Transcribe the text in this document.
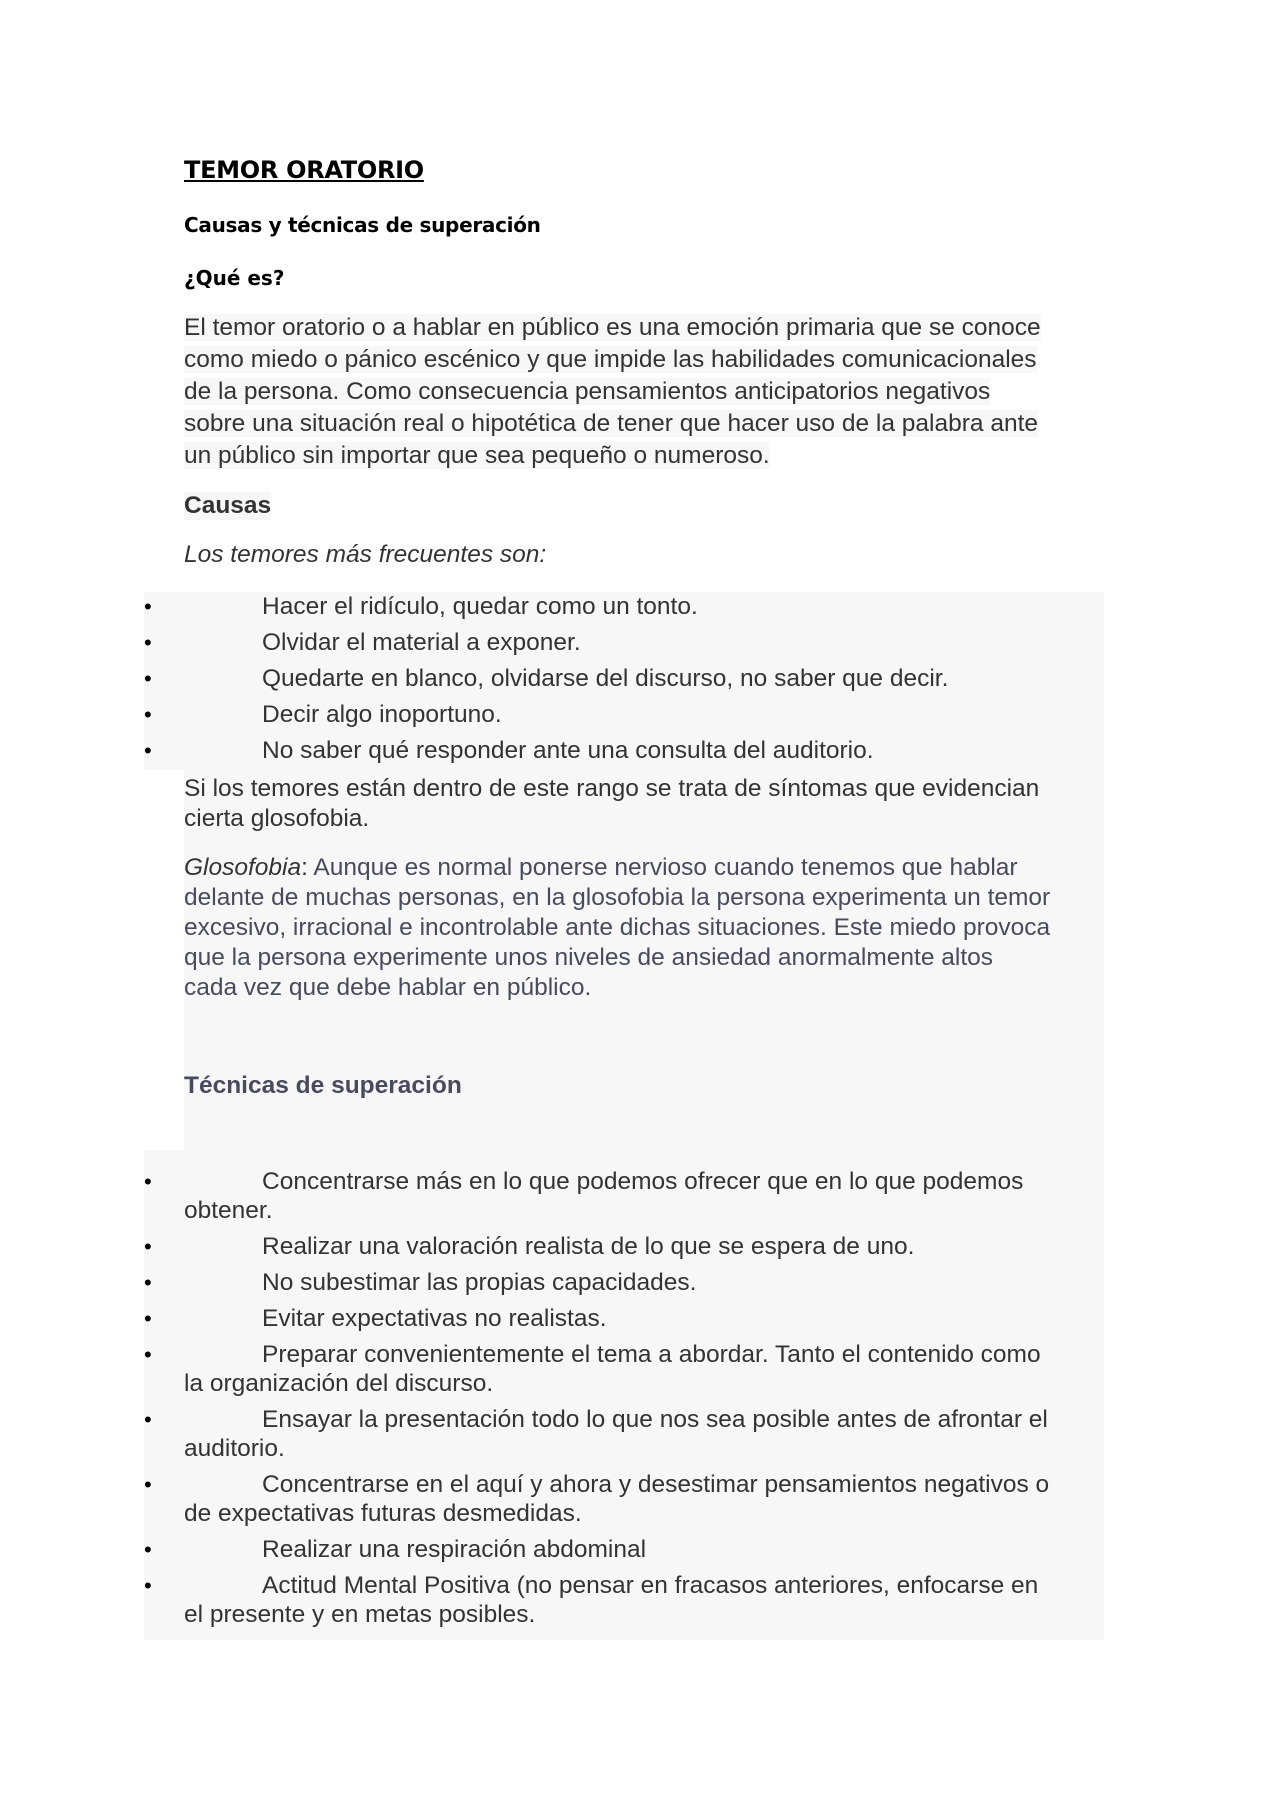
TEMOR ORATORIO
Causas y técnicas de superación
¿Qué es?

El temor oratorio o a hablar en público es una emoción primaria que se conoce
como miedo o pánico escénico y que impide las habilidades comunicacionales
de la persona. Como consecuencia pensamientos anticipatorios negativos
sobre una situación real o hipotética de tener que hacer uso de la palabra ante
un público sin importar que sea pequeño o numeroso.

Causas
Los temores más frecuentes son:
•	Hacer el ridículo, quedar como un tonto.
•	Olvidar el material a exponer.
•	Quedarte en blanco, olvidarse del discurso, no saber que decir.
•	Decir algo inoportuno.
•	No saber qué responder ante una consulta del auditorio.

Si los temores están dentro de este rango se trata de síntomas que evidencian
cierta glosofobia.

Glosofobia: Aunque es normal ponerse nervioso cuando tenemos que hablar
delante de muchas personas, en la glosofobia la persona experimenta un temor
excesivo, irracional e incontrolable ante dichas situaciones. Este miedo provoca
que la persona experimente unos niveles de ansiedad anormalmente altos
cada vez que debe hablar en público.

Técnicas de superación
•	Concentrarse más en lo que podemos ofrecer que en lo que podemos
obtener.
•	Realizar una valoración realista de lo que se espera de uno.
•	No subestimar las propias capacidades.
•	Evitar expectativas no realistas.
•	Preparar convenientemente el tema a abordar. Tanto el contenido como
la organización del discurso.
•	Ensayar la presentación todo lo que nos sea posible antes de afrontar el
auditorio.
•	Concentrarse en el aquí y ahora y desestimar pensamientos negativos o
de expectativas futuras desmedidas.
•	Realizar una respiración abdominal
•	Actitud Mental Positiva (no pensar en fracasos anteriores, enfocarse en
el presente y en metas posibles.
